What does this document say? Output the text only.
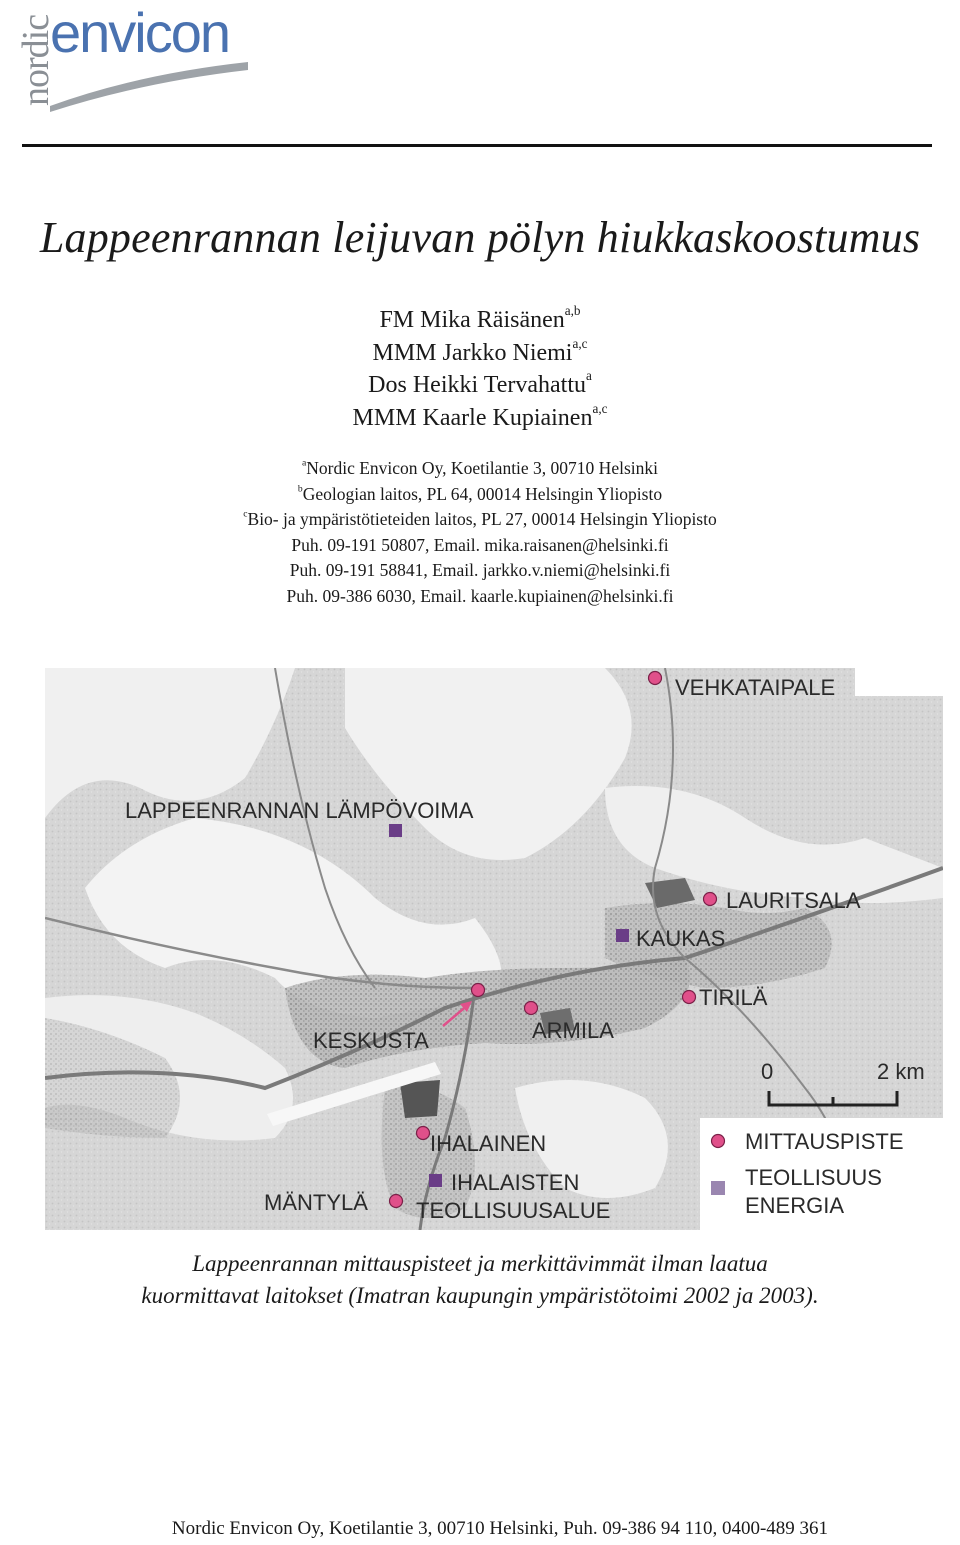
nordic
envicon
Lappeenrannan leijuvan pölyn hiukkaskoostumus
FM Mika Räisänen$^{a,b}$
MMM Jarkko Niemi$^{a,c}$
Dos Heikki Tervahattu$^a$
MMM Kaarle Kupiainen$^{a,c}$
$^a$Nordic Envicon Oy, Koetilantie 3, 00710 Helsinki
$^b$Geologian laitos, PL 64, 00014 Helsingin Yliopisto
$^c$Bio- ja ympäristötieteiden laitos, PL 27, 00014 Helsingin Yliopisto
Puh. 09-191 50807, Email. mika.raisanen@helsinki.fi
Puh. 09-191 58841, Email. jarkko.v.niemi@helsinki.fi
Puh. 09-386 6030, Email. kaarle.kupiainen@helsinki.fi
VEHKATAIPALE
LAPPEENRANNAN LÄMPÖVOIMA
LAURITSALA
KAUKAS
TIRILÄ
ARMILA
KESKUSTA
IHALAINEN
IHALAISTEN
TEOLLISUUSALUE
MÄNTYLÄ
0	2 km
MITTAUSPISTE
TEOLLISUUS
ENERGIA
Lappeenrannan mittauspisteet ja merkittävimmät ilman laatua
kuormittavat laitokset (Imatran kaupungin ympäristötoimi 2002 ja 2003).
Nordic Envicon Oy, Koetilantie 3, 00710 Helsinki, Puh. 09-386 94 110, 0400-489 361
